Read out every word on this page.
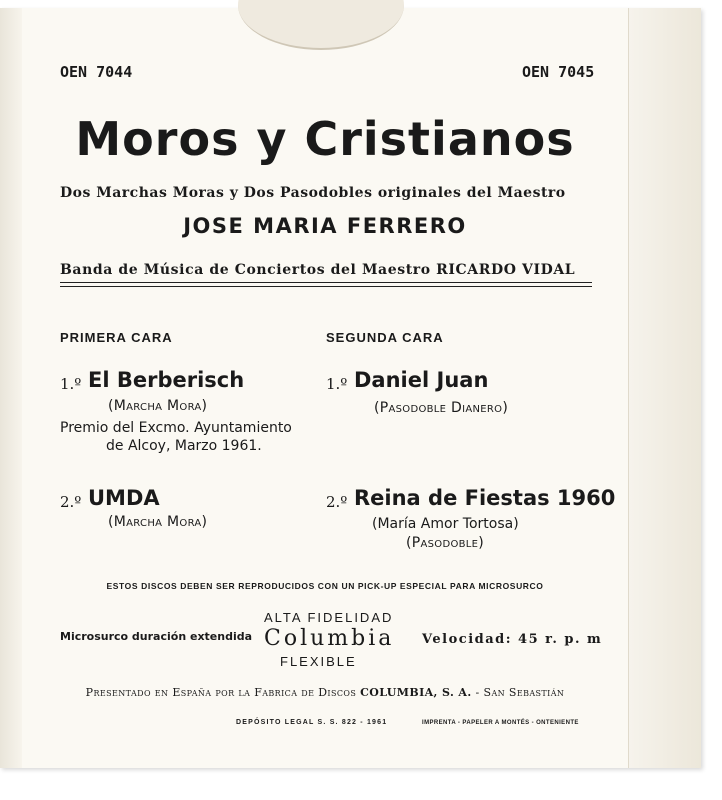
OEN 7044	OEN 7045
Moros y Cristianos
Dos Marchas Moras y Dos Pasodobles originales del Maestro
JOSE MARIA FERRERO
Banda de Música de Conciertos del Maestro RICARDO VIDAL
PRIMERA CARA
1.º El Berberisch
(Marcha Mora)
Premio del Excmo. Ayuntamiento
de Alcoy, Marzo 1961.
2.º UMDA
(Marcha Mora)
SEGUNDA CARA
1.º Daniel Juan
(Pasodoble Dianero)
2.º Reina de Fiestas 1960
(María Amor Tortosa)
(Pasodoble)
ESTOS DISCOS DEBEN SER REPRODUCIDOS CON UN PICK-UP ESPECIAL PARA MICROSURCO
Microsurco duración extendida
ALTA FIDELIDAD
Columbia
FLEXIBLE
Velocidad: 45 r. p. m
Presentado en España por la Fabrica de Discos COLUMBIA, S. A. - San Sebastián
DEPÓSITO LEGAL S. S. 822 - 1961	IMPRENTA - PAPELER A MONTÉS - ONTENIENTE
